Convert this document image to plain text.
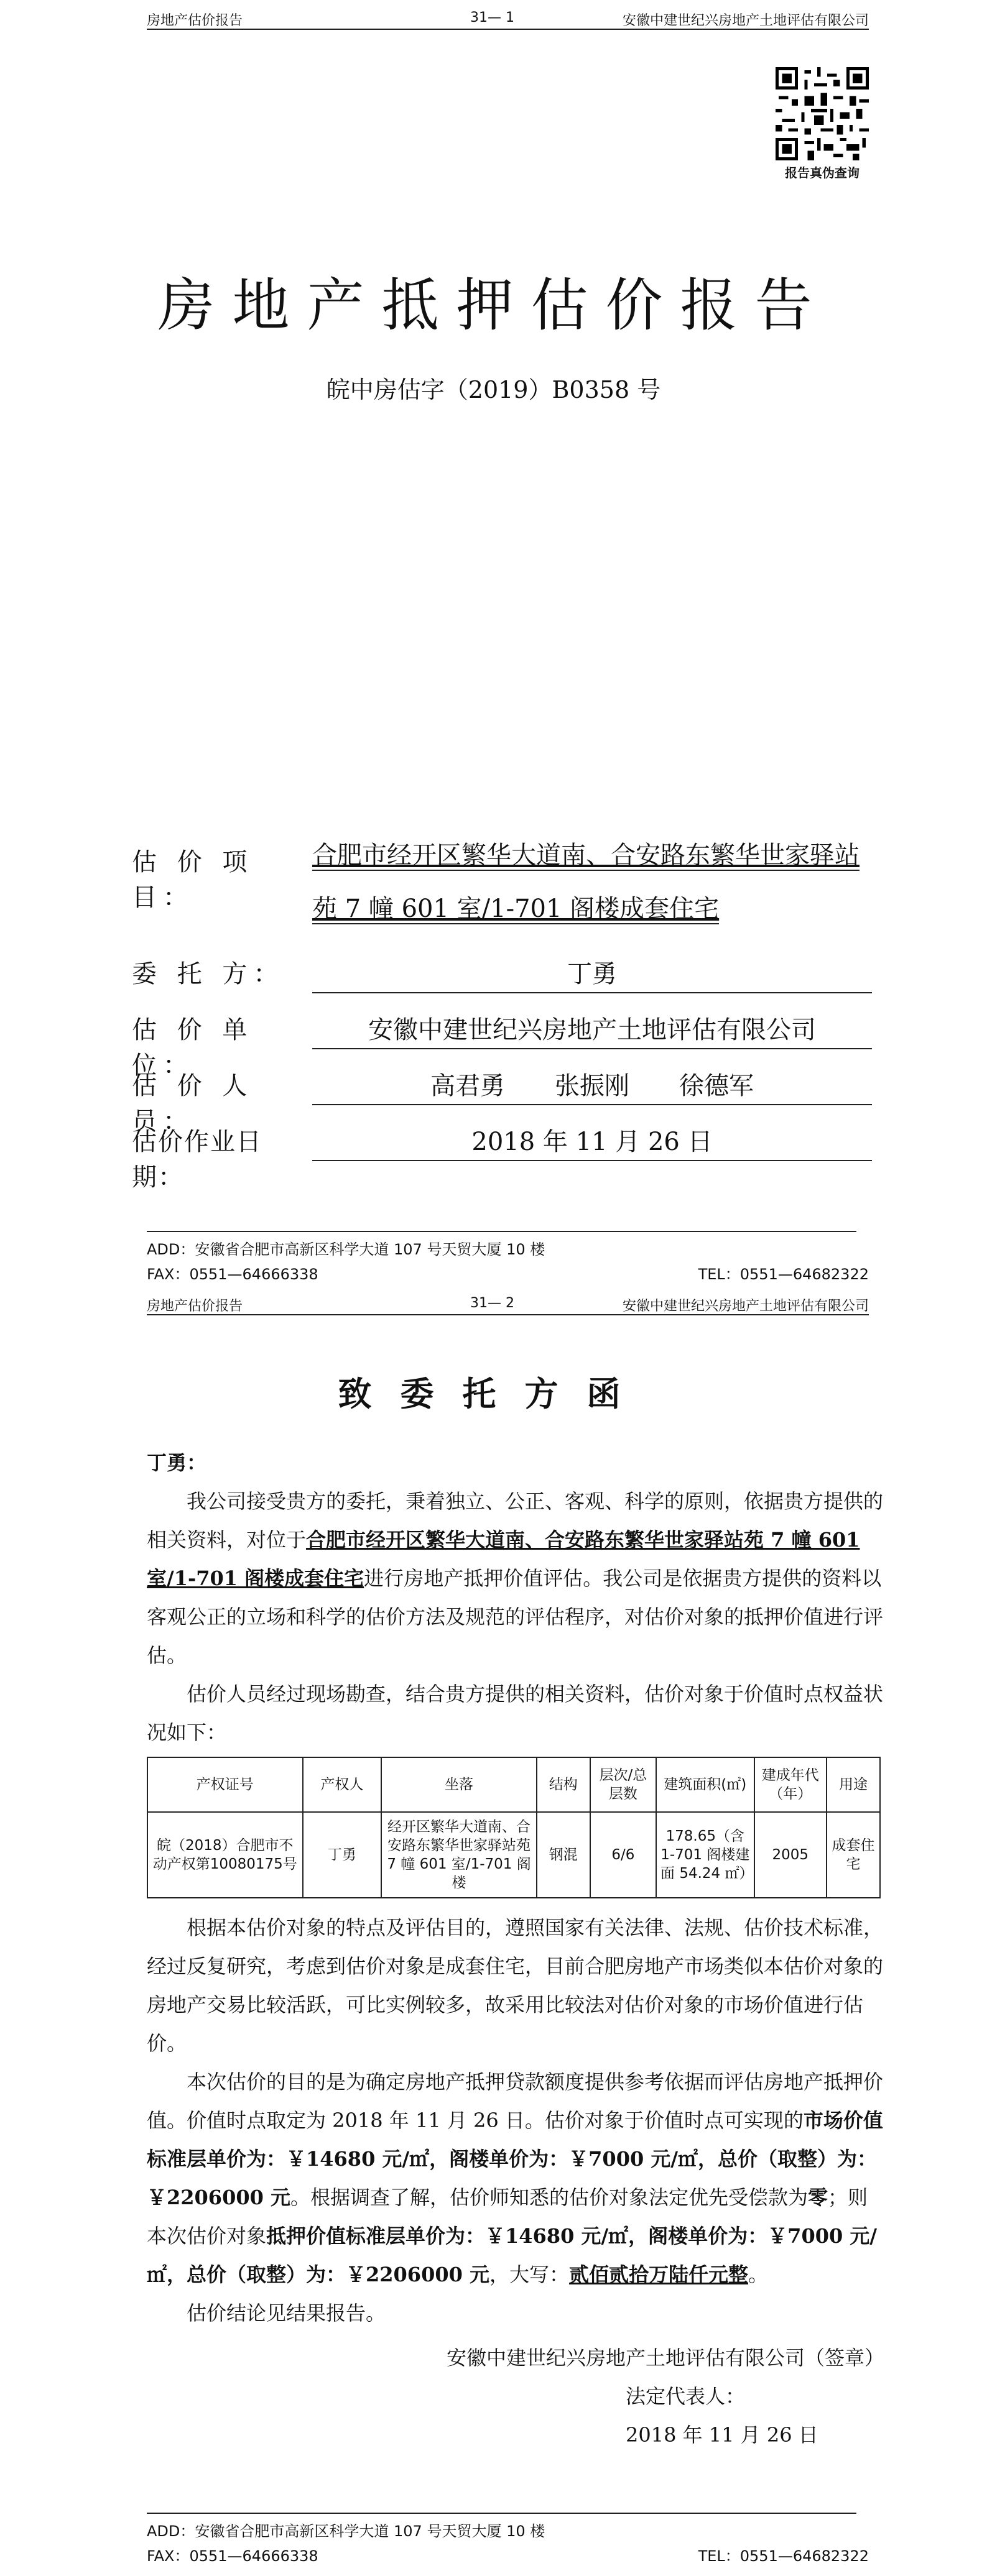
房地产估价报告	31— 1	安徽中建世纪兴房地产土地评估有限公司
报告真伪查询
房地产抵押估价报告
皖中房估字（2019）B0358 号
估 价 项 目：
合肥市经开区繁华大道南、合安路东繁华世家驿站苑 7 幢 601 室/1-701 阁楼成套住宅
委 托 方：	丁勇
估 价 单 位：
安徽中建世纪兴房地产土地评估有限公司
估 价 人 员：
高君勇　　张振刚　　徐德军
估价作业日期：
2018 年 11 月 26 日
ADD：安徽省合肥市高新区科学大道 107 号天贸大厦 10 楼
FAX：0551—64666338	TEL：0551—64682322
房地产估价报告	31— 2	安徽中建世纪兴房地产土地评估有限公司
致委托方函
丁勇：

我公司接受贵方的委托，秉着独立、公正、客观、科学的原则，依据贵方提供的相关资料，对位于合肥市经开区繁华大道南、合安路东繁华世家驿站苑 7 幢 601 室/1-701 阁楼成套住宅进行房地产抵押价值评估。我公司是依据贵方提供的资料以客观公正的立场和科学的估价方法及规范的评估程序，对估价对象的抵押价值进行评估。

估价人员经过现场勘查，结合贵方提供的相关资料，估价对象于价值时点权益状况如下：

产权证号	产权人	坐落	结构	层次/总层数	建筑面积(㎡)	建成年代（年）	用途
皖（2018）合肥市不动产权第10080175号	丁勇	经开区繁华大道南、合安路东繁华世家驿站苑 7 幢 601 室/1-701 阁楼	钢混	6/6	178.65（含1-701 阁楼建面 54.24 ㎡）	2005	成套住宅

根据本估价对象的特点及评估目的，遵照国家有关法律、法规、估价技术标准，经过反复研究，考虑到估价对象是成套住宅，目前合肥房地产市场类似本估价对象的房地产交易比较活跃，可比实例较多，故采用比较法对估价对象的市场价值进行估价。

本次估价的目的是为确定房地产抵押贷款额度提供参考依据而评估房地产抵押价值。价值时点取定为 2018 年 11 月 26 日。估价对象于价值时点可实现的市场价值标准层单价为：￥14680 元/㎡，阁楼单价为：￥7000 元/㎡，总价（取整）为：￥2206000 元。根据调查了解，估价师知悉的估价对象法定优先受偿款为零；则本次估价对象抵押价值标准层单价为：￥14680 元/㎡，阁楼单价为：￥7000 元/㎡，总价（取整）为：￥2206000 元，大写：贰佰贰拾万陆仟元整。

估价结论见结果报告。

安徽中建世纪兴房地产土地评估有限公司（签章）
法定代表人：
2018 年 11 月 26 日
ADD：安徽省合肥市高新区科学大道 107 号天贸大厦 10 楼
FAX：0551—64666338	TEL：0551—64682322
